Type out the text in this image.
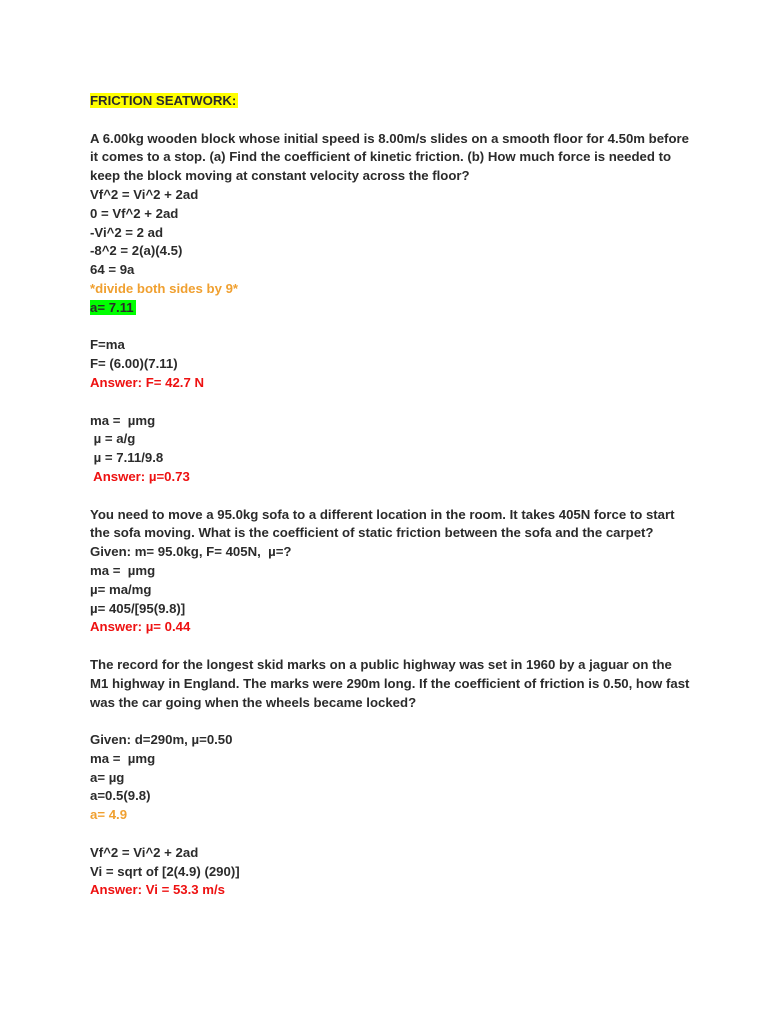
FRICTION SEATWORK:
A 6.00kg wooden block whose initial speed is 8.00m/s slides on a smooth floor for 4.50m before it comes to a stop. (a) Find the coefficient of kinetic friction. (b) How much force is needed to keep the block moving at constant velocity across the floor?
Vf^2 = Vi^2 + 2ad
0 = Vf^2 + 2ad
-Vi^2 = 2 ad
-8^2 = 2(a)(4.5)
64 = 9a
*divide both sides by 9*
a= 7.11
F=ma
F= (6.00)(7.11)
Answer: F= 42.7 N
ma =  µmg
µ = a/g
µ = 7.11/9.8
Answer: µ=0.73
You need to move a 95.0kg sofa to a different location in the room. It takes 405N force to start the sofa moving. What is the coefficient of static friction between the sofa and the carpet?
Given: m= 95.0kg, F= 405N,  µ=?
ma =  µmg
µ= ma/mg
µ= 405/[95(9.8)]
Answer: µ= 0.44
The record for the longest skid marks on a public highway was set in 1960 by a jaguar on the M1 highway in England. The marks were 290m long. If the coefficient of friction is 0.50, how fast was the car going when the wheels became locked?
Given: d=290m, µ=0.50
ma =  µmg
a= µg
a=0.5(9.8)
a= 4.9
Vf^2 = Vi^2 + 2ad
Vi = sqrt of [2(4.9) (290)]
Answer: Vi = 53.3 m/s
